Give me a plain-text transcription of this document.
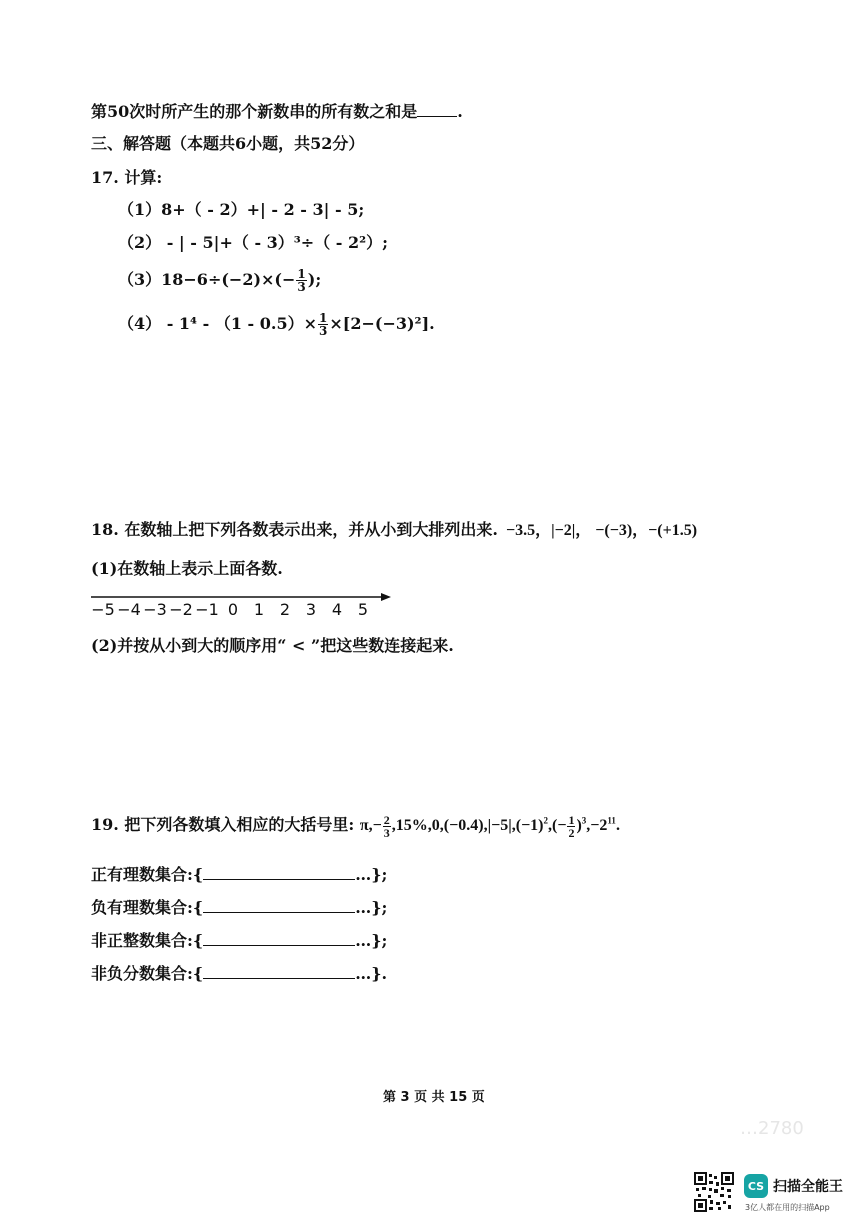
第50次时所产生的那个新数串的所有数之和是	.
三、解答题（本题共6小题，共52分）
17. 计算:
（1）8+（ - 2）+| - 2 - 3| - 5;
（2） - | - 5|+（ - 3）³÷（ - 2²）;
$(3)18-6\div(-2)\times(- \frac{1}{3}$ );
$(4) - 1^4 - (1 - 0.5)\times \frac{1}{3} \times[2-(-3)^2]$.
18. 在数轴上把下列各数表示出来，并从小到大排列出来. −3.5，|−2|， −(−3)，−(+1.5)
(1)在数轴上表示上面各数.
−5 −4 −3 −2 −1 0 1 2 3 4 5
(2)并按从小到大的顺序用“ < ”把这些数连接起来.
19. 把下列各数填入相应的大括号里: $\pi,- \frac{2}{3} ,15\%,0,(-0.4),|-5|,(-1)^2,(- \frac{1}{2} )^3,-2^{11}$.
正有理数集合:{	…};
负有理数集合:{	…};
非正整数集合:{	…};
非负分数集合:{	…}.
第 3 页 共 15 页
…2780
CS 扫描全能王
3亿人都在用的扫描App
